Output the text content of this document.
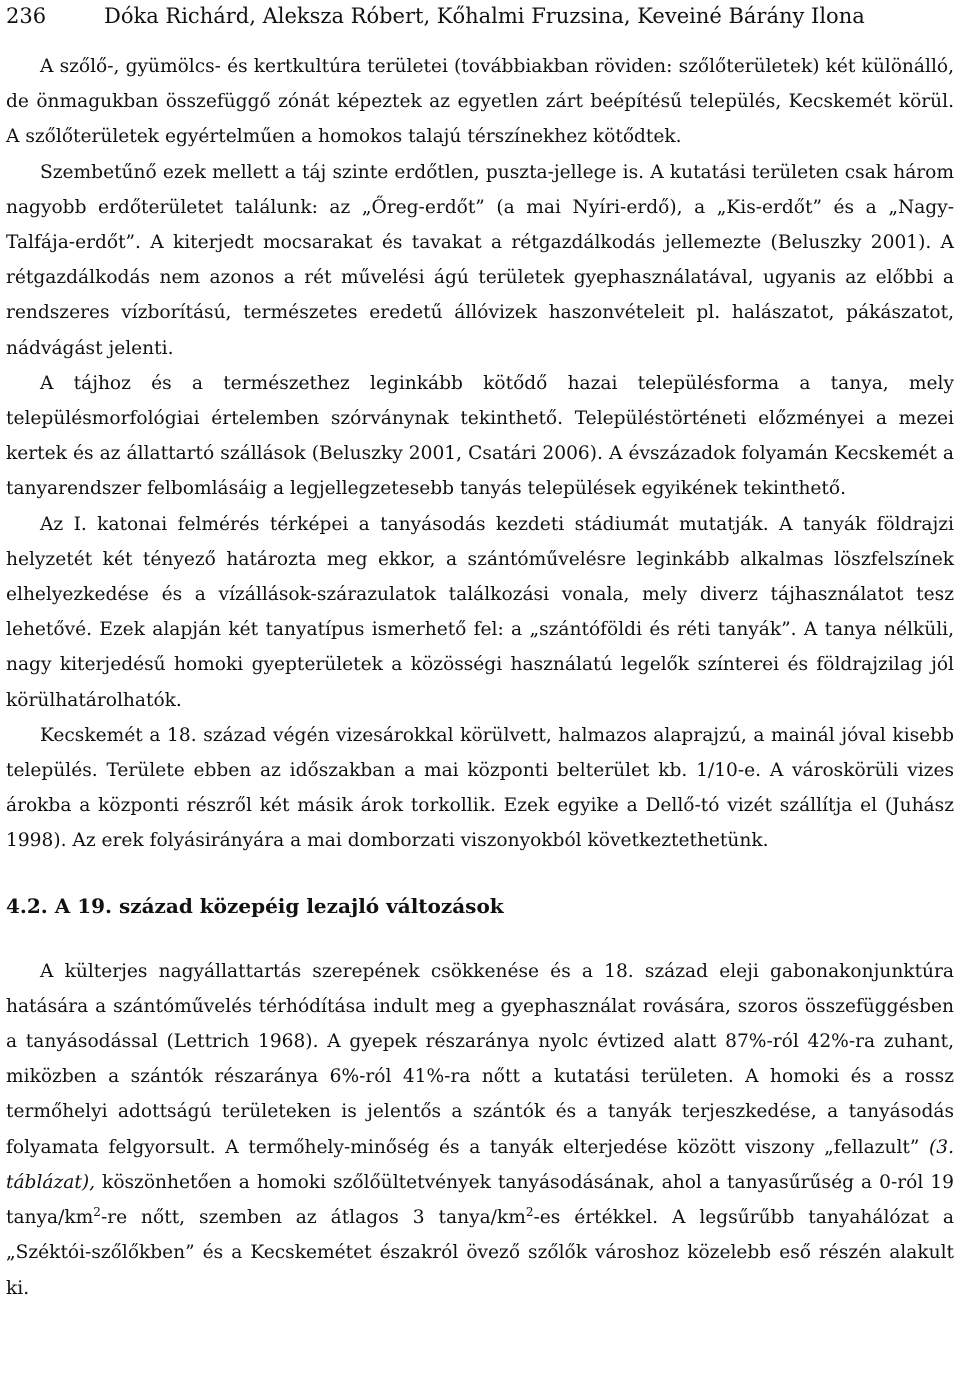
236	Dóka Richárd, Aleksza Róbert, Kőhalmi Fruzsina, Keveiné Bárány Ilona

A szőlő-, gyümölcs- és kertkultúra területei (továbbiakban röviden: szőlőterületek) két különálló, de önmagukban összefüggő zónát képeztek az egyetlen zárt beépítésű település, Kecskemét körül. A szőlőterületek egyértelműen a homokos talajú térszínekhez kötődtek.

Szembetűnő ezek mellett a táj szinte erdőtlen, puszta-jellege is. A kutatási területen csak három nagyobb erdőterületet találunk: az „Őreg-erdőt” (a mai Nyíri-erdő), a „Kis-erdőt” és a „Nagy-Talfája-erdőt”. A kiterjedt mocsarakat és tavakat a rétgazdálkodás jellemezte (Beluszky 2001). A rétgazdálkodás nem azonos a rét művelési ágú területek gyephasználatával, ugyanis az előbbi a rendszeres vízborítású, természetes eredetű állóvizek haszonvételeit pl. halászatot, pákászatot, nádvágást jelenti.

A tájhoz és a természethez leginkább kötődő hazai településforma a tanya, mely településmorfológiai értelemben szórványnak tekinthető. Településtörténeti előzményei a mezei kertek és az állattartó szállások (Beluszky 2001, Csatári 2006). A évszázadok folyamán Kecskemét a tanyarendszer felbomlásáig a legjellegzetesebb tanyás települések egyikének tekinthető.

Az I. katonai felmérés térképei a tanyásodás kezdeti stádiumát mutatják. A tanyák földrajzi helyzetét két tényező határozta meg ekkor, a szántóművelésre leginkább alkalmas löszfelszínek elhelyezkedése és a vízállások-szárazulatok találkozási vonala, mely diverz tájhasználatot tesz lehetővé. Ezek alapján két tanyatípus ismerhető fel: a „szántóföldi és réti tanyák”. A tanya nélküli, nagy kiterjedésű homoki gyepterületek a közösségi használatú legelők színterei és földrajzilag jól körülhatárolhatók.

Kecskemét a 18. század végén vizesárokkal körülvett, halmazos alaprajzú, a mainál jóval kisebb település. Területe ebben az időszakban a mai központi belterület kb. 1/10-e. A városkörüli vizes árokba a központi részről két másik árok torkollik. Ezek egyike a Dellő-tó vizét szállítja el (Juhász 1998). Az erek folyásirányára a mai domborzati viszonyokból következtethetünk.

4.2. A 19. század közepéig lezajló változások

A külterjes nagyállattartás szerepének csökkenése és a 18. század eleji gabonakonjunktúra hatására a szántóművelés térhódítása indult meg a gyephasználat rovására, szoros összefüggésben a tanyásodással (Lettrich 1968). A gyepek részaránya nyolc évtized alatt 87%-ról 42%-ra zuhant, miközben a szántók részaránya 6%-ról 41%-ra nőtt a kutatási területen. A homoki és a rossz termőhelyi adottságú területeken is jelentős a szántók és a tanyák terjeszkedése, a tanyásodás folyamata felgyorsult. A termőhely-minőség és a tanyák elterjedése között viszony „fellazult” (3. táblázat), köszönhetően a homoki szőlőültetvények tanyásodásának, ahol a tanyasűrűség a 0-ról 19 tanya/$km^2-re$ nőtt, szemben az átlagos 3 tanya/$km^2-es$ értékkel. A legsűrűbb tanyahálózat a „Széktói-szőlőkben” és a Kecskemétet északról övező szőlők városhoz közelebb eső részén alakult ki.
